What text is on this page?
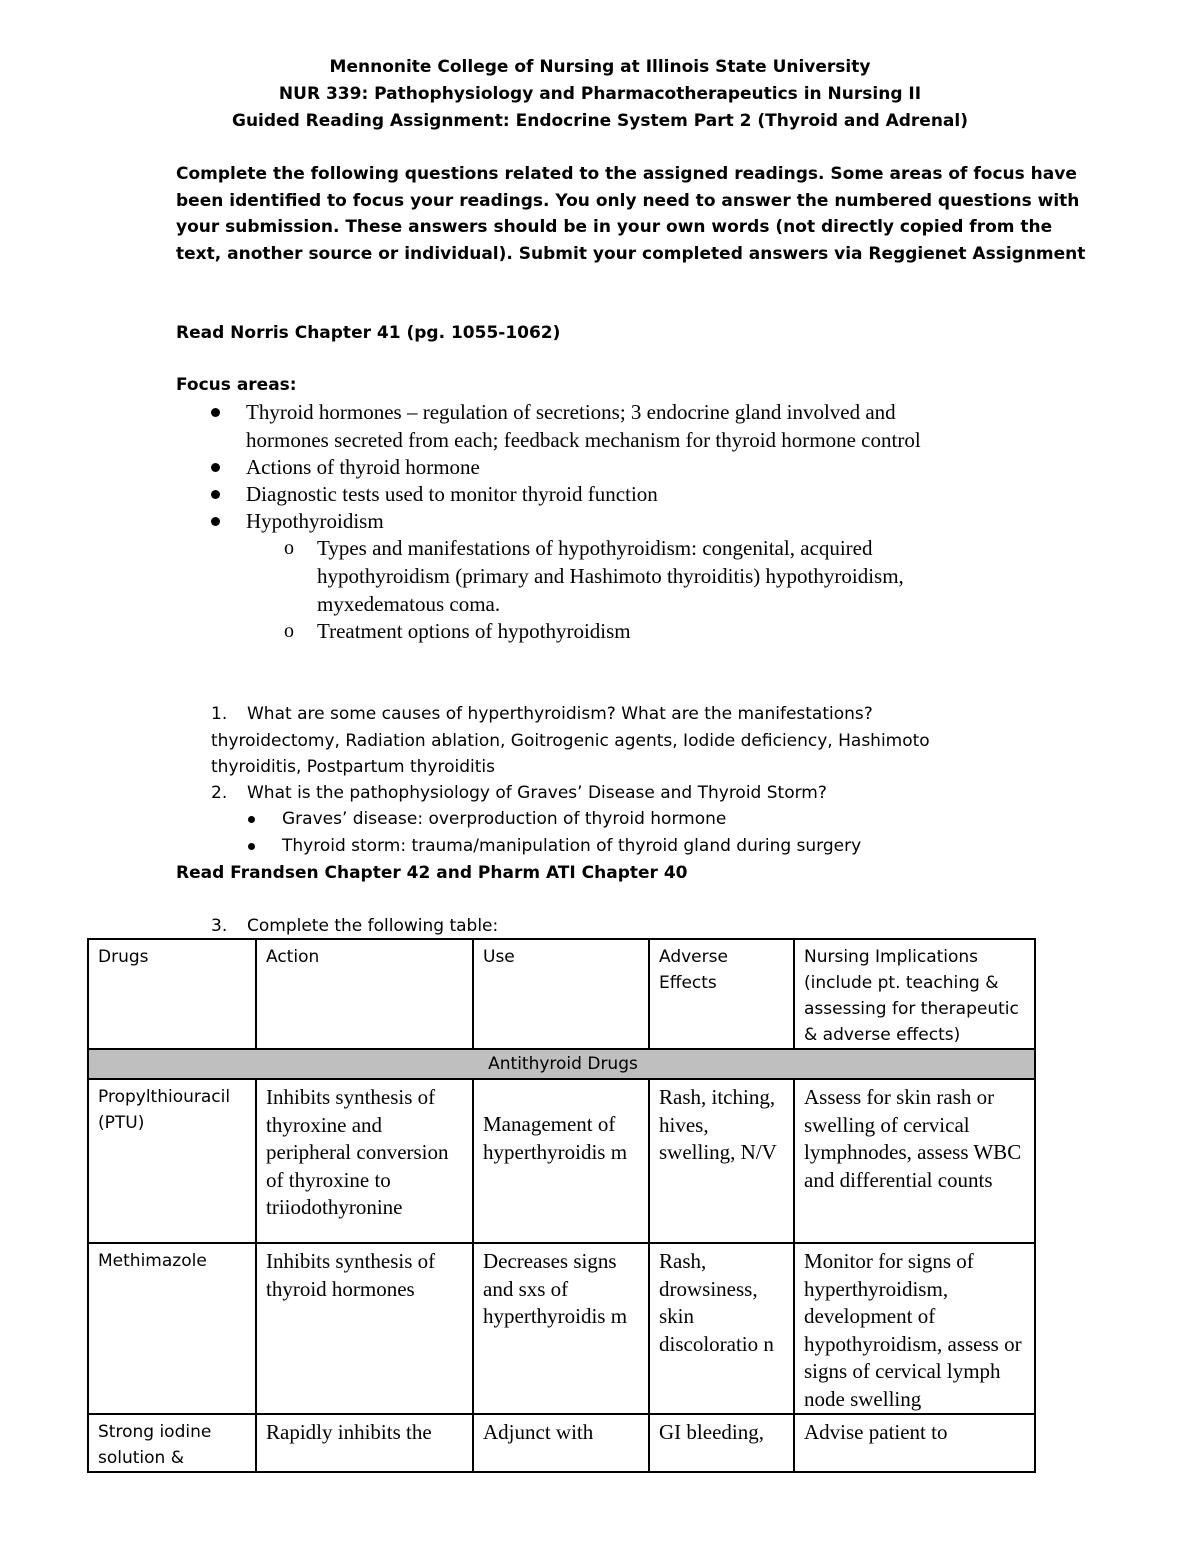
Mennonite College of Nursing at Illinois State University
NUR 339: Pathophysiology and Pharmacotherapeutics in Nursing II
Guided Reading Assignment: Endocrine System Part 2 (Thyroid and Adrenal)
Complete the following questions related to the assigned readings. Some areas of focus have
been identified to focus your readings. You only need to answer the numbered questions with
your submission. These answers should be in your own words (not directly copied from the
text, another source or individual). Submit your completed answers via Reggienet Assignment
Read Norris Chapter 41 (pg. 1055-1062)
Focus areas:
Thyroid hormones – regulation of secretions; 3 endocrine gland involved and
hormones secreted from each; feedback mechanism for thyroid hormone control
Actions of thyroid hormone
Diagnostic tests used to monitor thyroid function
Hypothyroidism
o Types and manifestations of hypothyroidism: congenital, acquired
hypothyroidism (primary and Hashimoto thyroiditis) hypothyroidism,
myxedematous coma.
o Treatment options of hypothyroidism
1. What are some causes of hyperthyroidism? What are the manifestations?
thyroidectomy, Radiation ablation, Goitrogenic agents, Iodide deficiency, Hashimoto
thyroiditis, Postpartum thyroiditis
2. What is the pathophysiology of Graves’ Disease and Thyroid Storm?
Graves’ disease: overproduction of thyroid hormone
Thyroid storm: trauma/manipulation of thyroid gland during surgery
Read Frandsen Chapter 42 and Pharm ATI Chapter 40
3. Complete the following table:
Drugs	Action	Use	Adverse Effects	Nursing Implications (include pt. teaching & assessing for therapeutic & adverse effects)
Antithyroid Drugs				
Propylthiouracil (PTU)	Inhibits synthesis of thyroxine and peripheral conversion of thyroxine to triiodothyronine	Management of hyperthyroidis m	Rash, itching, hives, swelling, N/V	Assess for skin rash or swelling of cervical lymphnodes, assess WBC and differential counts
Methimazole	Inhibits synthesis of thyroid hormones	Decreases signs and sxs of hyperthyroidis m	Rash, drowsiness, skin discoloratio n	Monitor for signs of hyperthyroidism, development of hypothyroidism, assess or signs of cervical lymph node swelling
Strong iodine solution &	Rapidly inhibits the	Adjunct with	GI bleeding,	Advise patient to
